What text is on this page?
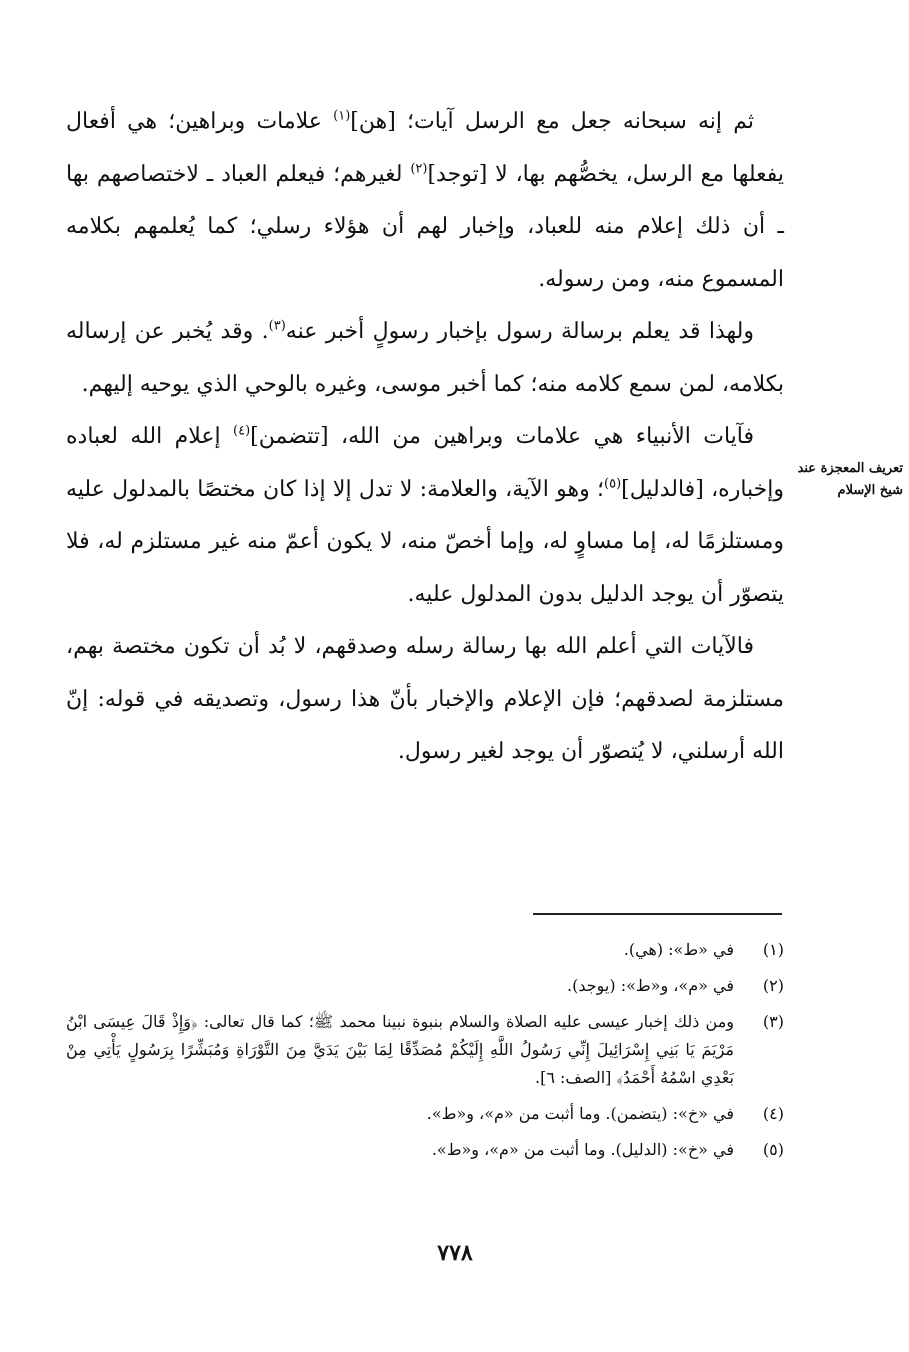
ثم إنه سبحانه جعل مع الرسل آيات؛ [هن]$^{(١)}$ علامات وبراهين؛ هي أفعال يفعلها مع الرسل، يخصُّهم بها، لا [توجد]$^{(٢)}$ لغيرهم؛ فيعلم العباد ـ لاختصاصهم بها ـ أن ذلك إعلام منه للعباد، وإخبار لهم أن هؤلاء رسلي؛ كما يُعلمهم بكلامه المسموع منه، ومن رسوله.

ولهذا قد يعلم برسالة رسول بإخبار رسولٍ أخبر عنه$^{(٣)}$. وقد يُخبر عن إرساله بكلامه، لمن سمع كلامه منه؛ كما أخبر موسى، وغيره بالوحي الذي يوحيه إليهم.

فآيات الأنبياء هي علامات وبراهين من الله، [تتضمن]$^{(٤)}$ إعلام الله لعباده وإخباره، [فالدليل]$^{(٥)}$؛ وهو الآية، والعلامة: لا تدل إلا إذا كان مختصًا بالمدلول عليه ومستلزمًا له، إما مساوٍ له، وإما أخصّ منه، لا يكون أعمّ منه غير مستلزم له، فلا يتصوّر أن يوجد الدليل بدون المدلول عليه.

فالآيات التي أعلم الله بها رسالة رسله وصدقهم، لا بُد أن تكون مختصة بهم، مستلزمة لصدقهم؛ فإن الإعلام والإخبار بأنّ هذا رسول، وتصديقه في قوله: إنّ الله أرسلني، لا يُتصوّر أن يوجد لغير رسول.

تعريف المعجزة عند شيخ الإسلام
(١)
في «ط»: (هي).
(٢)
في «م»، و«ط»: (يوجد).
(٣)
ومن ذلك إخبار عيسى عليه الصلاة والسلام بنبوة نبينا محمد ﷺ؛ كما قال تعالى: ﴿وَإِذْ قَالَ عِيسَى ابْنُ مَرْيَمَ يَا بَنِي إِسْرَائِيلَ إِنِّي رَسُولُ اللَّهِ إِلَيْكُمْ مُصَدِّقًا لِمَا بَيْنَ يَدَيَّ مِنَ التَّوْرَاةِ وَمُبَشِّرًا بِرَسُولٍ يَأْتِي مِنْ بَعْدِي اسْمُهُ أَحْمَدُ﴾ [الصف: ٦].
(٤)
في «خ»: (يتضمن). وما أثبت من «م»، و«ط».
(٥)
في «خ»: (الدليل). وما أثبت من «م»، و«ط».
٧٧٨
